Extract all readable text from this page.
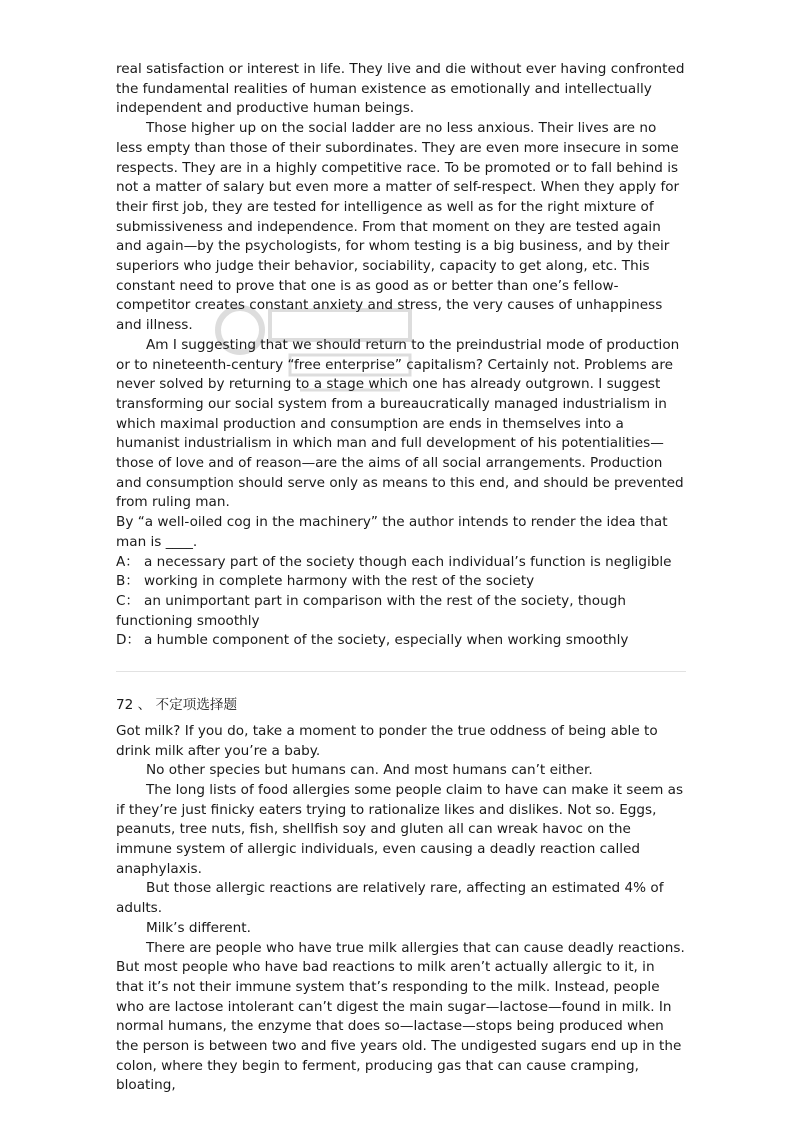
real satisfaction or interest in life. They live and die without ever having confronted the fundamental realities of human existence as emotionally and intellectually independent and productive human beings.

Those higher up on the social ladder are no less anxious. Their lives are no less empty than those of their subordinates. They are even more insecure in some respects. They are in a highly competitive race. To be promoted or to fall behind is not a matter of salary but even more a matter of self-respect. When they apply for their first job, they are tested for intelligence as well as for the right mixture of submissiveness and independence. From that moment on they are tested again and again—by the psychologists, for whom testing is a big business, and by their superiors who judge their behavior, sociability, capacity to get along, etc. This constant need to prove that one is as good as or better than one’s fellow-competitor creates constant anxiety and stress, the very causes of unhappiness and illness.

Am I suggesting that we should return to the preindustrial mode of production or to nineteenth-century “free enterprise” capitalism? Certainly not. Problems are never solved by returning to a stage which one has already outgrown. I suggest transforming our social system from a bureaucratically managed industrialism in which maximal production and consumption are ends in themselves into a humanist industrialism in which man and full development of his potentialities—those of love and of reason—are the aims of all social arrangements. Production and consumption should serve only as means to this end, and should be prevented from ruling man.

By “a well-oiled cog in the machinery” the author intends to render the idea that man is ____.

A： a necessary part of the society though each individual’s function is negligible

B： working in complete harmony with the rest of the society

C： an unimportant part in comparison with the rest of the society, though functioning smoothly

D： a humble component of the society, especially when working smoothly

72 、 不定项选择题

Got milk? If you do, take a moment to ponder the true oddness of being able to drink milk after you’re a baby.

No other species but humans can. And most humans can’t either.

The long lists of food allergies some people claim to have can make it seem as if they’re just finicky eaters trying to rationalize likes and dislikes. Not so. Eggs, peanuts, tree nuts, fish, shellfish soy and gluten all can wreak havoc on the immune system of allergic individuals, even causing a deadly reaction called anaphylaxis.

But those allergic reactions are relatively rare, affecting an estimated 4% of adults.

Milk’s different.

There are people who have true milk allergies that can cause deadly reactions. But most people who have bad reactions to milk aren’t actually allergic to it, in that it’s not their immune system that’s responding to the milk. Instead, people who are lactose intolerant can’t digest the main sugar—lactose—found in milk. In normal humans, the enzyme that does so—lactase—stops being produced when the person is between two and five years old. The undigested sugars end up in the colon, where they begin to ferment, producing gas that can cause cramping, bloating,
